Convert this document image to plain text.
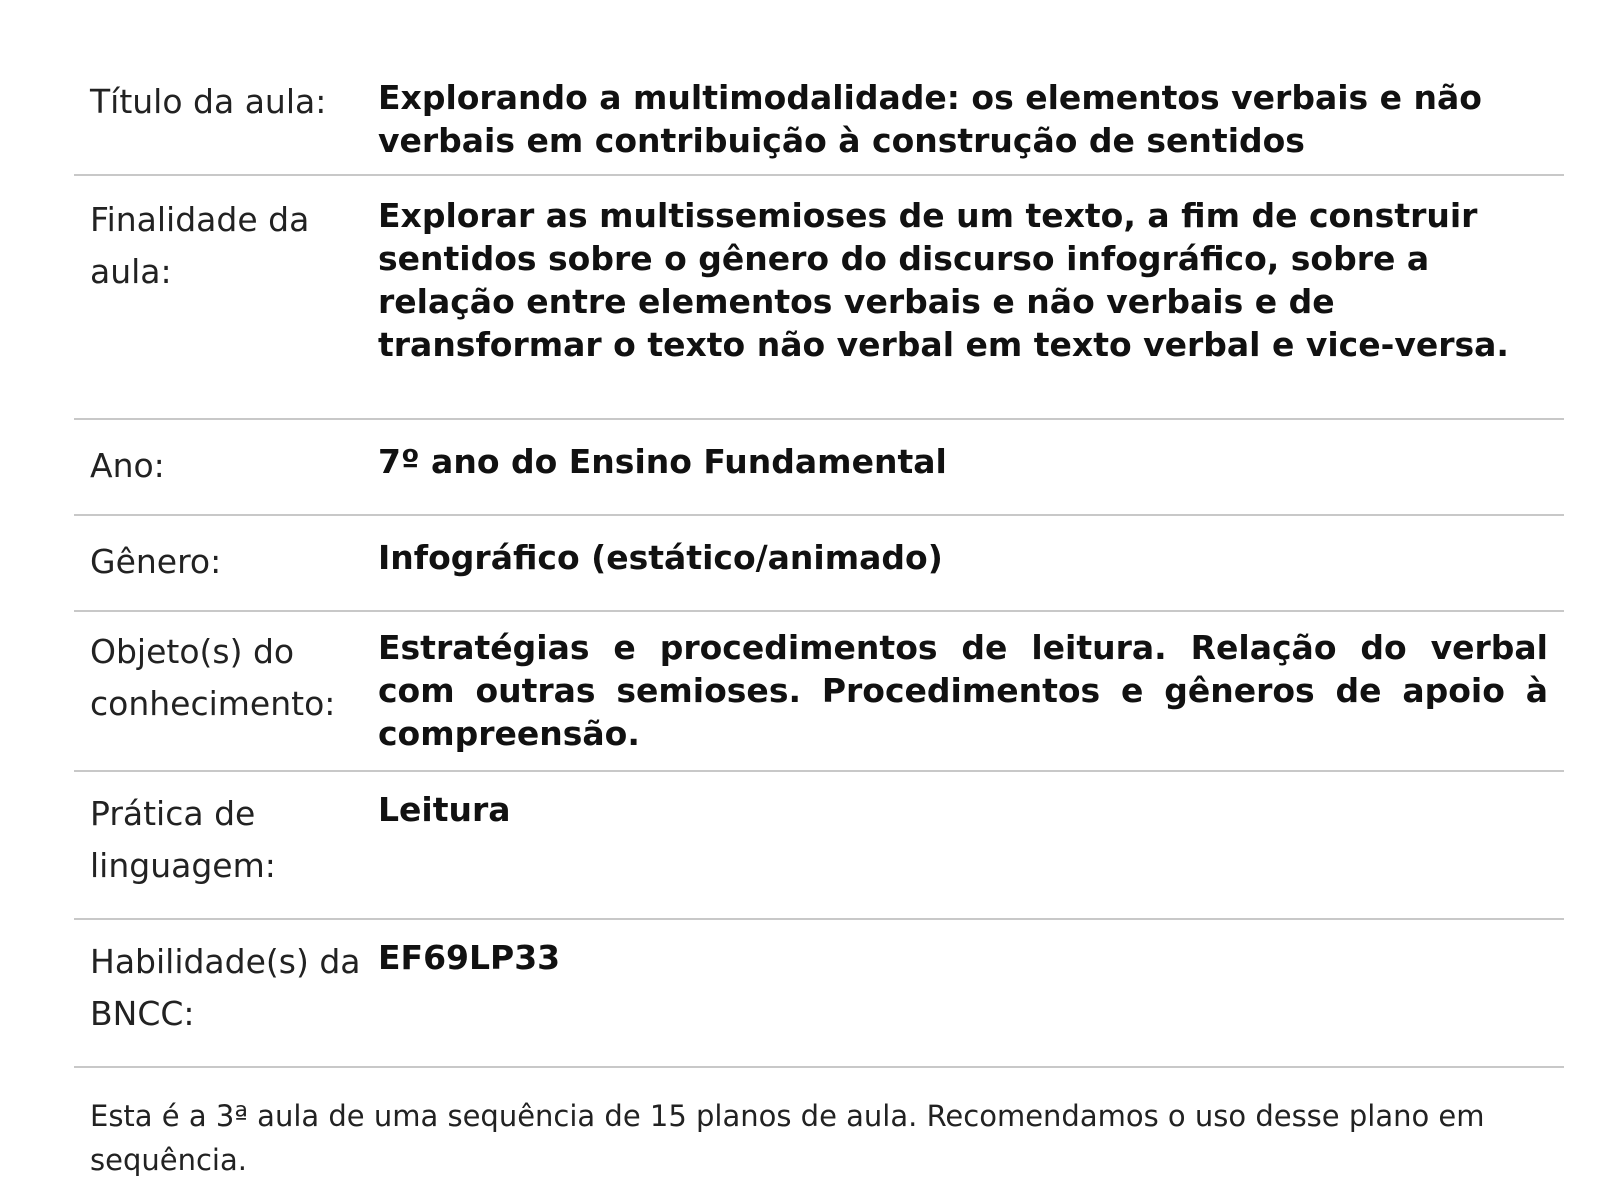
Título da aula:	Explorando a multimodalidade: os elementos verbais e não verbais em contribuição à construção de sentidos
Finalidade da aula:
Explorar as multissemioses de um texto, a fim de construir sentidos sobre o gênero do discurso infográfico, sobre a relação entre elementos verbais e não verbais e de transformar o texto não verbal em texto verbal e vice-versa.
Ano:	7º ano do Ensino Fundamental
Gênero:	Infográfico (estático/animado)
Objeto(s) do conhecimento:
Estratégias e procedimentos de leitura. Relação do verbal com outras semioses. Procedimentos e gêneros de apoio à compreensão.
Prática de linguagem:
Leitura
Habilidade(s) da BNCC:
EF69LP33
Esta é a 3ª aula de uma sequência de 15 planos de aula. Recomendamos o uso desse plano em sequência.
